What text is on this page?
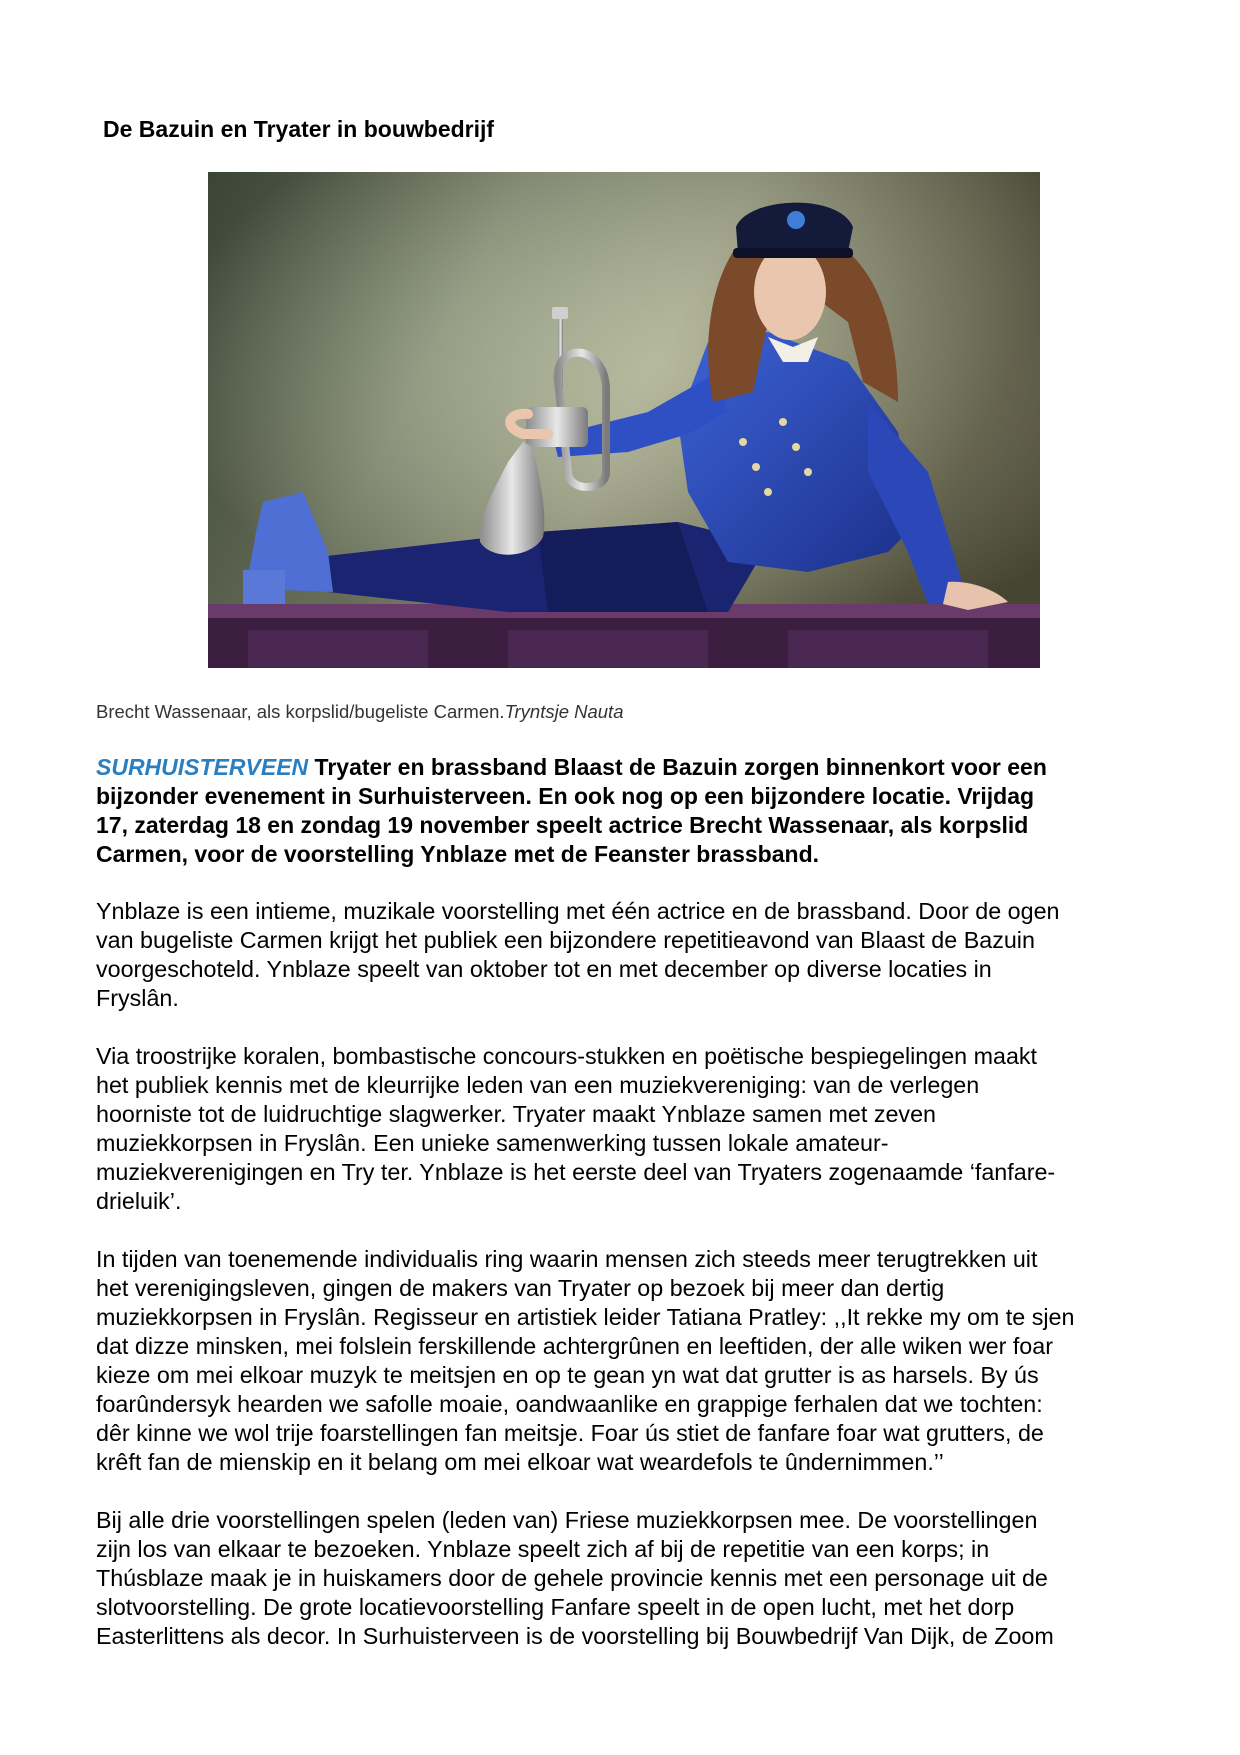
De Bazuin en Tryater in bouwbedrijf

Brecht Wassenaar, als korpslid/bugeliste Carmen.Tryntsje Nauta

SURHUISTERVEEN Tryater en brassband Blaast de Bazuin zorgen binnenkort voor een
bijzonder evenement in Surhuisterveen. En ook nog op een bijzondere locatie. Vrijdag
17, zaterdag 18 en zondag 19 november speelt actrice Brecht Wassenaar, als korpslid
Carmen, voor de voorstelling Ynblaze met de Feanster brassband.

Ynblaze is een intieme, muzikale voorstelling met één actrice en de brassband. Door de ogen
van bugeliste Carmen krijgt het publiek een bijzondere repetitieavond van Blaast de Bazuin
voorgeschoteld. Ynblaze speelt van oktober tot en met december op diverse locaties in
Fryslân.

Via troostrijke koralen, bombastische concours-stukken en poëtische bespiegelingen maakt
het publiek kennis met de kleurrijke leden van een muziekvereniging: van de verlegen
hoorniste tot de luidruchtige slagwerker. Tryater maakt Ynblaze samen met zeven
muziekkorpsen in Fryslân. Een unieke samenwerking tussen lokale amateur-
muziekverenigingen en Try ter. Ynblaze is het eerste deel van Tryaters zogenaamde ‘fanfare-
drieluik’.

In tijden van toenemende individualis ring waarin mensen zich steeds meer terugtrekken uit
het verenigingsleven, gingen de makers van Tryater op bezoek bij meer dan dertig
muziekkorpsen in Fryslân. Regisseur en artistiek leider Tatiana Pratley: ,,It rekke my om te sjen
dat dizze minsken, mei folslein ferskillende achtergrûnen en leeftiden, der alle wiken wer foar
kieze om mei elkoar muzyk te meitsjen en op te gean yn wat dat grutter is as harsels. By ús
foarûndersyk hearden we safolle moaie, oandwaanlike en grappige ferhalen dat we tochten:
dêr kinne we wol trije foarstellingen fan meitsje. Foar ús stiet de fanfare foar wat grutters, de
krêft fan de mienskip en it belang om mei elkoar wat weardefols te ûndernimmen.’’

Bij alle drie voorstellingen spelen (leden van) Friese muziekkorpsen mee. De voorstellingen
zijn los van elkaar te bezoeken. Ynblaze speelt zich af bij de repetitie van een korps; in
Thúsblaze maak je in huiskamers door de gehele provincie kennis met een personage uit de
slotvoorstelling. De grote locatievoorstelling Fanfare speelt in de open lucht, met het dorp
Easterlittens als decor. In Surhuisterveen is de voorstelling bij Bouwbedrijf Van Dijk, de Zoom
